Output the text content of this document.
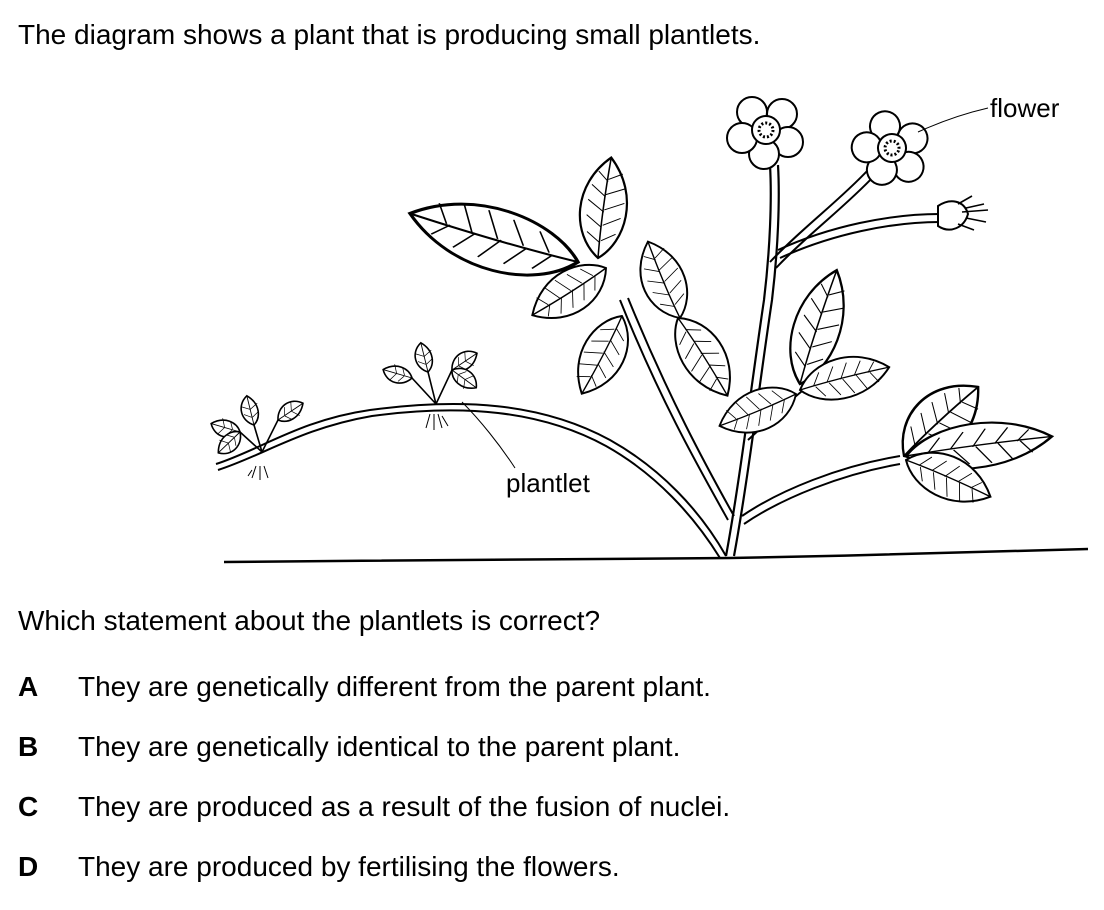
The diagram shows a plant that is producing small plantlets.
flower
plantlet
Which statement about the plantlets is correct?
A They are genetically different from the parent plant.
B They are genetically identical to the parent plant.
C They are produced as a result of the fusion of nuclei.
D They are produced by fertilising the flowers.
